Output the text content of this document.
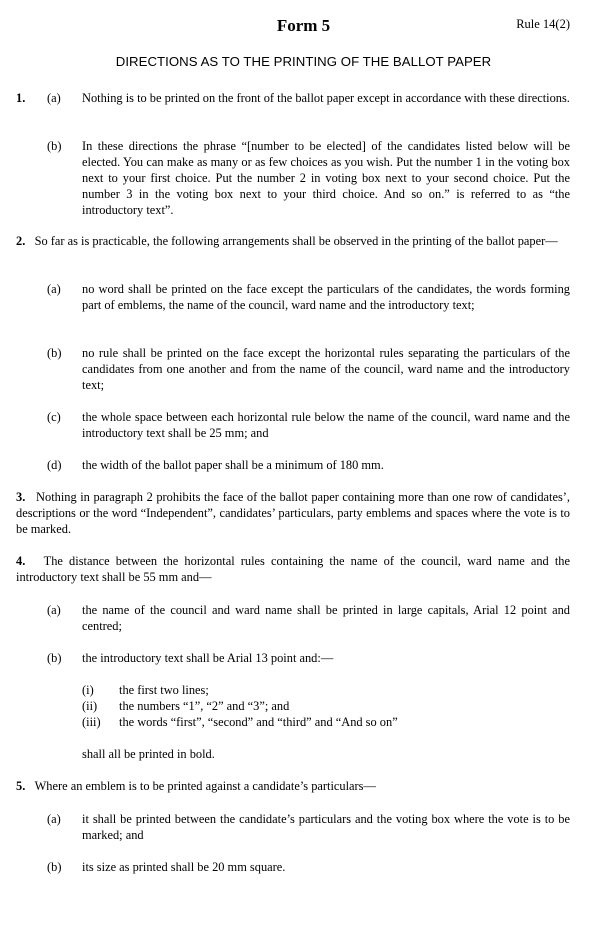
Form 5	Rule 14(2)
DIRECTIONS AS TO THE PRINTING OF THE BALLOT PAPER
1. (a) Nothing is to be printed on the front of the ballot paper except in accordance with these directions.
(b) In these directions the phrase “[number to be elected] of the candidates listed below will be elected. You can make as many or as few choices as you wish. Put the number 1 in the voting box next to your first choice. Put the number 2 in voting box next to your second choice. Put the number 3 in the voting box next to your third choice. And so on.” is referred to as “the introductory text”.
2. So far as is practicable, the following arrangements shall be observed in the printing of the ballot paper—
(a) no word shall be printed on the face except the particulars of the candidates, the words forming part of emblems, the name of the council, ward name and the introductory text;
(b) no rule shall be printed on the face except the horizontal rules separating the particulars of the candidates from one another and from the name of the council, ward name and the introductory text;
(c) the whole space between each horizontal rule below the name of the council, ward name and the introductory text shall be 25 mm; and
(d) the width of the ballot paper shall be a minimum of 180 mm.
3. Nothing in paragraph 2 prohibits the face of the ballot paper containing more than one row of candidates’, descriptions or the word “Independent”, candidates’ particulars, party emblems and spaces where the vote is to be marked.
4. The distance between the horizontal rules containing the name of the council, ward name and the introductory text shall be 55 mm and—
(a) the name of the council and ward name shall be printed in large capitals, Arial 12 point and centred;
(b) the introductory text shall be Arial 13 point and:—
(i) the first two lines;
(ii) the numbers “1”, “2” and “3”; and
(iii) the words “first”, “second” and “third” and “And so on”
shall all be printed in bold.
5. Where an emblem is to be printed against a candidate’s particulars—
(a) it shall be printed between the candidate’s particulars and the voting box where the vote is to be marked; and
(b) its size as printed shall be 20 mm square.
